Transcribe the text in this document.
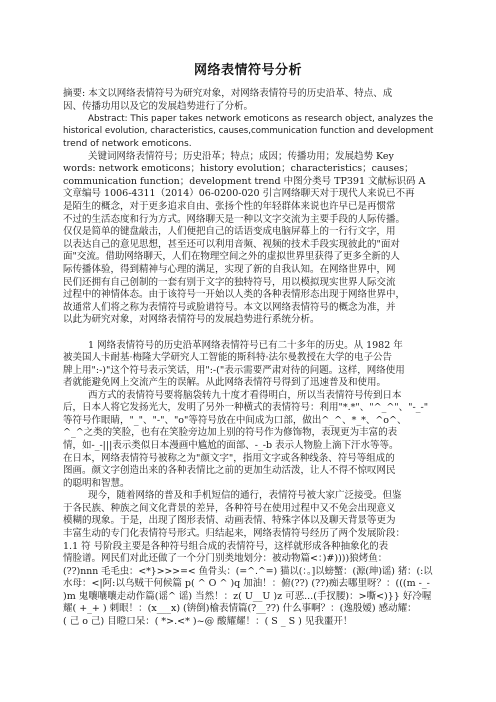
网络表情符号分析
摘要: 本文以网络表情符号为研究对象，对网络表情符号的历史沿革、特点、成
因、传播功用以及它的发展趋势进行了分析。
Abstract: This paper takes network emoticons as research object, analyzes the
historical evolution, characteristics, causes,communication function and development
trend of network emoticons.
关键词网络表情符号；历史沿革；特点；成因；传播功用；发展趋势 Key
words: network emoticons；history evolution；characteristics；causes；
communication function；development trend 中图分类号 TP391 文献标识码 A
文章编号 1006-4311（2014）06-0200-020 引言网络聊天对于现代人来说已不再
是陌生的概念，对于更多追求自由、张扬个性的年轻群体来说也许早已是再惯常
不过的生活态度和行为方式。网络聊天是一种以文字交流为主要手段的人际传播。
仅仅是简单的键盘敲击，人们便把自己的话语变成电脑屏幕上的一行行文字，用
以表达自己的意见思想，甚至还可以利用音频、视频的技术手段实现彼此的"面对
面"交流。借助网络聊天，人们在物理空间之外的虚拟世界里获得了更多全新的人
际传播体验，得到精神与心理的满足，实现了新的自我认知。在网络世界中，网
民们还拥有自己创制的一套有别于文字的独特符号，用以模拟现实世界人际交流
过程中的神情体态。由于该符号一开始以人类的各种表情形态出现于网络世界中，
故通常人们将之称为表情符号或脸谱符号。本文以网络表情符号的概念为准，并
以此为研究对象，对网络表情符号的发展趋势进行系统分析。
1 网络表情符号的历史沿革网络表情符号已有二十多年的历史。从 1982 年
被美国人卡耐基·梅隆大学研究人工智能的斯科特·法尔曼教授在大学的电子公告
牌上用":-)"这个符号表示笑话，用":-("表示需要严肃对待的问题。这样，网络使用
者就能避免网上交流产生的误解。从此网络表情符号得到了迅速普及和使用。
西方式的表情符号要将脑袋转九十度才看得明白，所以当表情符号传到日本
后，日本人将它发扬光大，发明了另外一种横式的表情符号：利用"*.*"、"^_^"、"-_-"
等符号作眼睛，"_"、"-"、"o"等符号放在中间成为口部，做出^_^、*_*、^o^、
^_^之类的笑脸，也有在笑脸旁边加上别的符号作为修饰物，表现更为丰富的表
情，如-_-|||表示类似日本漫画中尴尬的面部、-_-b 表示人物脸上滴下汗水等等。
在日本，网络表情符号被称之为"颜文字"，指用文字或各种线条、符号等组成的
图画。颜文字创造出来的各种表情比之前的更加生动活泼，让人不得不惊叹网民
的聪明和智慧。
现今，随着网络的普及和手机短信的通行，表情符号被大家广泛接受。但鉴
于各民族、种族之间文化背景的差异，各种符号在使用过程中又不免会出现意义
模糊的现象。于是，出现了图形表情、动画表情、特殊字体以及聊天背景等更为
丰富生动的专门化表情符号形式。归结起来，网络表情符号经历了两个发展阶段：
1.1 符 号阶段主要是各种符号组合成的表情符号，这样就形成各种抽象化的表
情脸谱。网民们对此还做了一个分门别类地划分：被动物篇<：)#))))狼烤鱼：
(??)nnn 毛毛虫：<*}>>>=< 鱼骨头：(=^.^=) 猫以(：。]以螃蟹：(源(珅)谣) 猪：(:以
水母：<|阿:以乌贼干何候篇 p( ^ O ^ )q 加油！：俯(??) (??)痴去哪里呀？：(((m -_-
)m 鬼嚷嚷嚷走动作篇(谣^ 谣) 当然！：z( U__U )z 可恶...(手扠腰)：>嘶<)}} 好冷喔
耀( +_+ ) 刺眼！：(x___x) (锛倒)榆表情篇(?__??) 什么事啊？：(逸殷嫒) 感动耀：
( 己 o 己) 目瞪口呆：( *>.<* )~@ 酸耀耀！：( S _ S ) 见我噩开！
